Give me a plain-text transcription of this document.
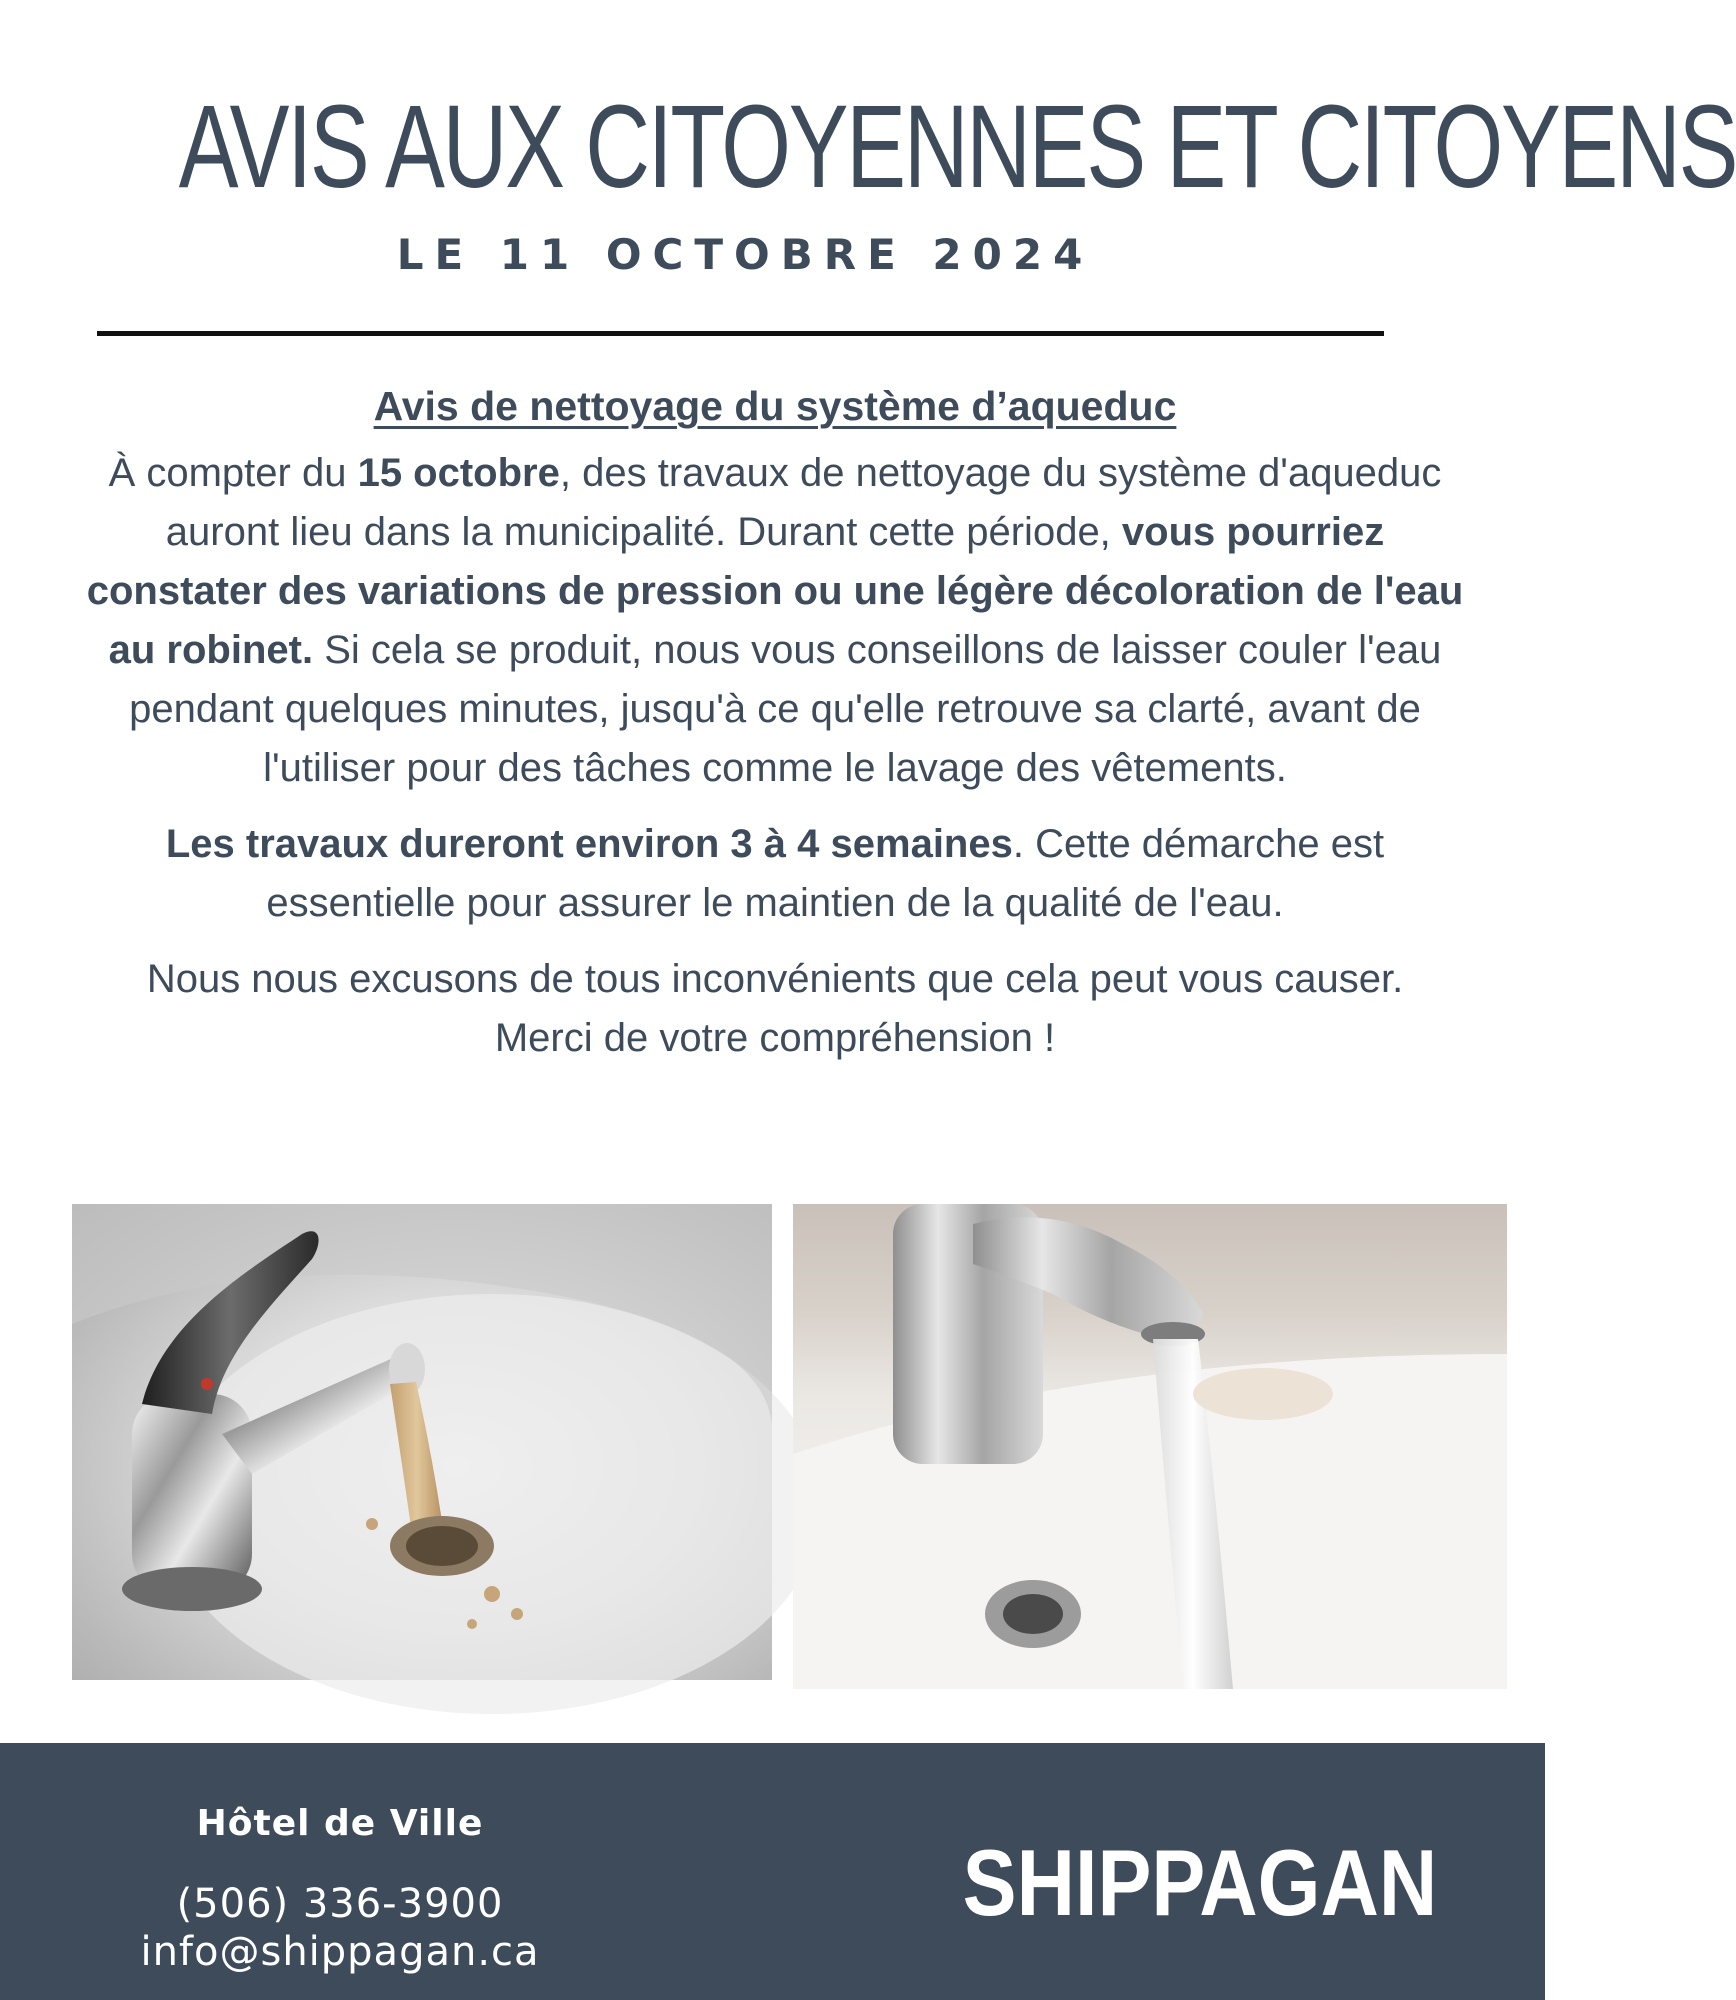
AVIS AUX CITOYENNES ET CITOYENS
LE 11 OCTOBRE 2024
Avis de nettoyage du système d’aqueduc

À compter du 15 octobre, des travaux de nettoyage du système d'aqueduc auront lieu dans la municipalité. Durant cette période, vous pourriez constater des variations de pression ou une légère décoloration de l'eau au robinet. Si cela se produit, nous vous conseillons de laisser couler l'eau pendant quelques minutes, jusqu'à ce qu'elle retrouve sa clarté, avant de l'utiliser pour des tâches comme le lavage des vêtements.

Les travaux dureront environ 3 à 4 semaines. Cette démarche est essentielle pour assurer le maintien de la qualité de l'eau.

Nous nous excusons de tous inconvénients que cela peut vous causer.
Merci de votre compréhension !

Hôtel de Ville
(506) 336-3900
info@shippagan.ca
SHIPPAGAN
